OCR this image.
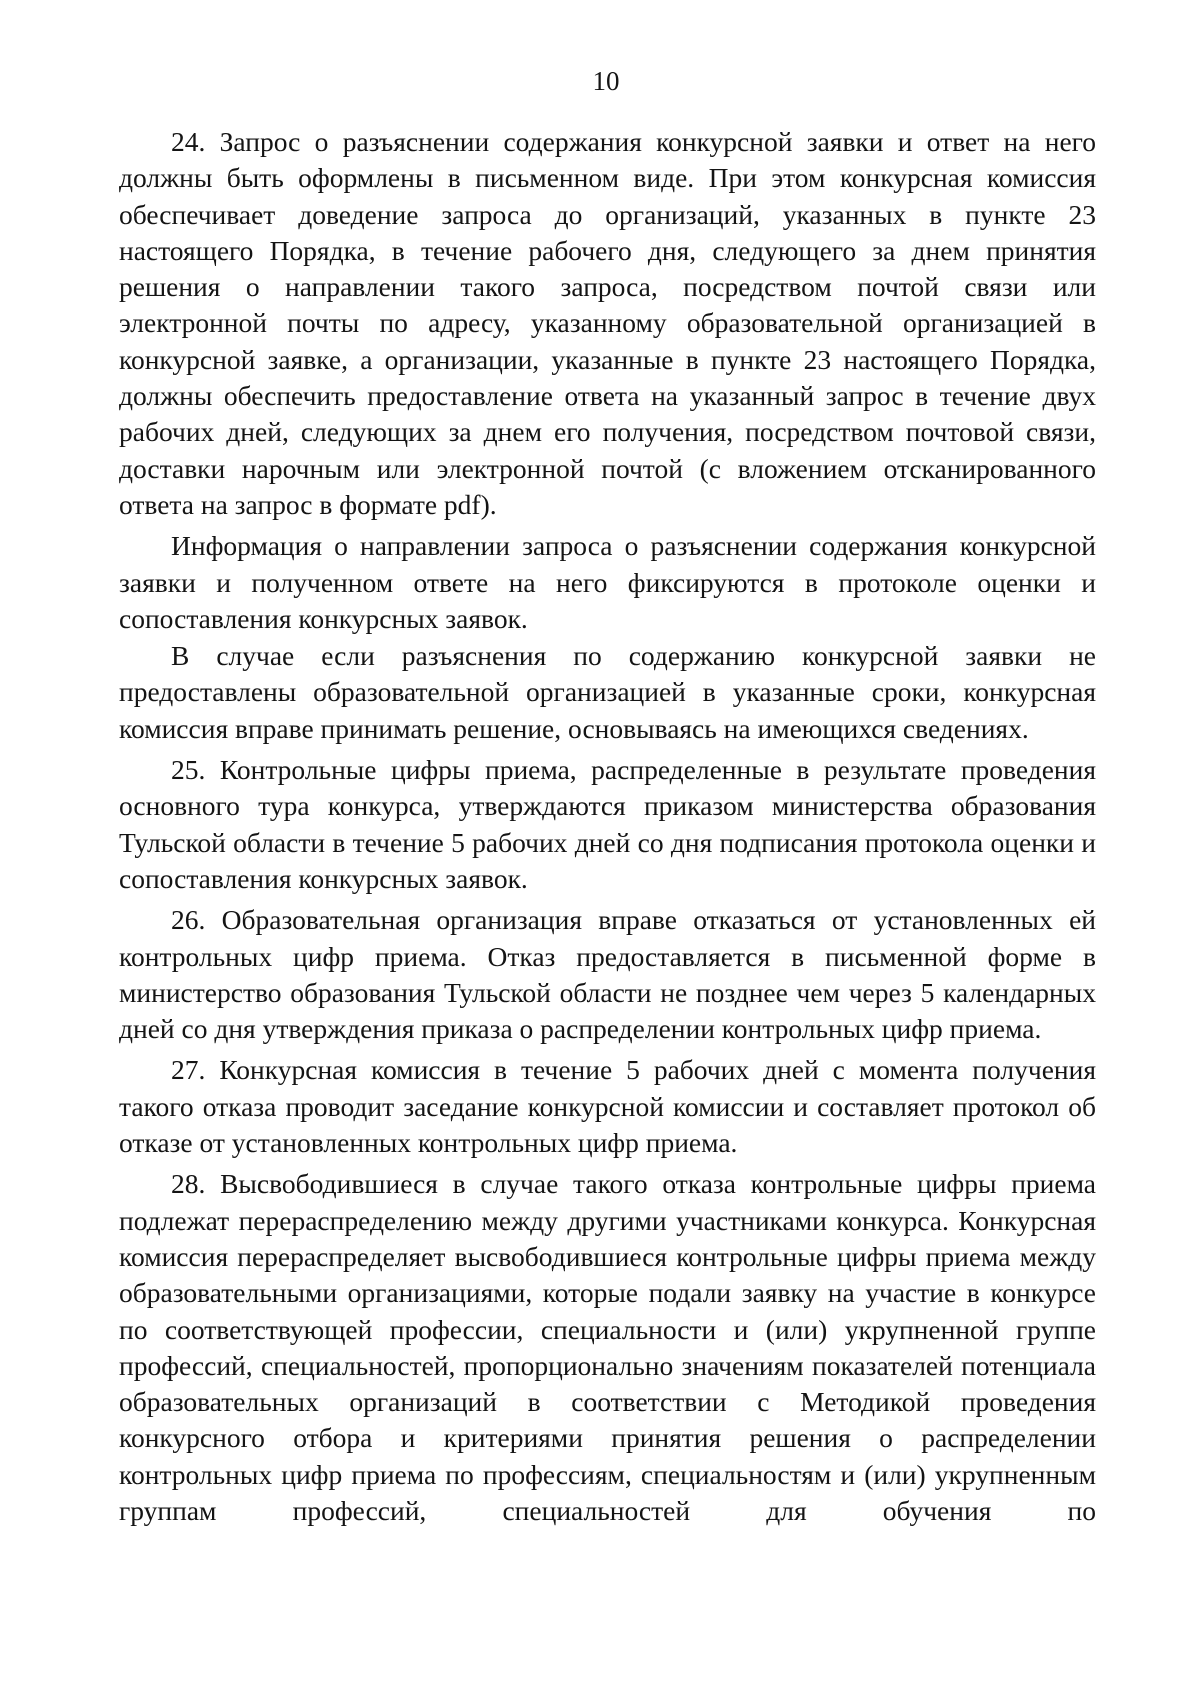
10

24. Запрос о разъяснении содержания конкурсной заявки и ответ на него должны быть оформлены в письменном виде. При этом конкурсная комиссия обеспечивает доведение запроса до организаций, указанных в пункте 23 настоящего Порядка, в течение рабочего дня, следующего за днем принятия решения о направлении такого запроса, посредством почтой связи или электронной почты по адресу, указанному образовательной организацией в конкурсной заявке, а организации, указанные в пункте 23 настоящего Порядка, должны обеспечить предоставление ответа на указанный запрос в течение двух рабочих дней, следующих за днем его получения, посредством почтовой связи, доставки нарочным или электронной почтой (с вложением отсканированного ответа на запрос в формате pdf).

Информация о направлении запроса о разъяснении содержания конкурсной заявки и полученном ответе на него фиксируются в протоколе оценки и сопоставления конкурсных заявок.

В случае если разъяснения по содержанию конкурсной заявки не предоставлены образовательной организацией в указанные сроки, конкурсная комиссия вправе принимать решение, основываясь на имеющихся сведениях.

25. Контрольные цифры приема, распределенные в результате проведения основного тура конкурса, утверждаются приказом министерства образования Тульской области в течение 5 рабочих дней со дня подписания протокола оценки и сопоставления конкурсных заявок.

26. Образовательная организация вправе отказаться от установленных ей контрольных цифр приема. Отказ предоставляется в письменной форме в министерство образования Тульской области не позднее чем через 5 календарных дней со дня утверждения приказа о распределении контрольных цифр приема.

27. Конкурсная комиссия в течение 5 рабочих дней с момента получения такого отказа проводит заседание конкурсной комиссии и составляет протокол об отказе от установленных контрольных цифр приема.

28. Высвободившиеся в случае такого отказа контрольные цифры приема подлежат перераспределению между другими участниками конкурса. Конкурсная комиссия перераспределяет высвободившиеся контрольные цифры приема между образовательными организациями, которые подали заявку на участие в конкурсе по соответствующей профессии, специальности и (или) укрупненной группе профессий, специальностей, пропорционально значениям показателей потенциала образовательных организаций в соответствии с Методикой проведения конкурсного отбора и критериями принятия решения о распределении контрольных цифр приема по профессиям, специальностям и (или) укрупненным группам профессий, специальностей для обучения по
